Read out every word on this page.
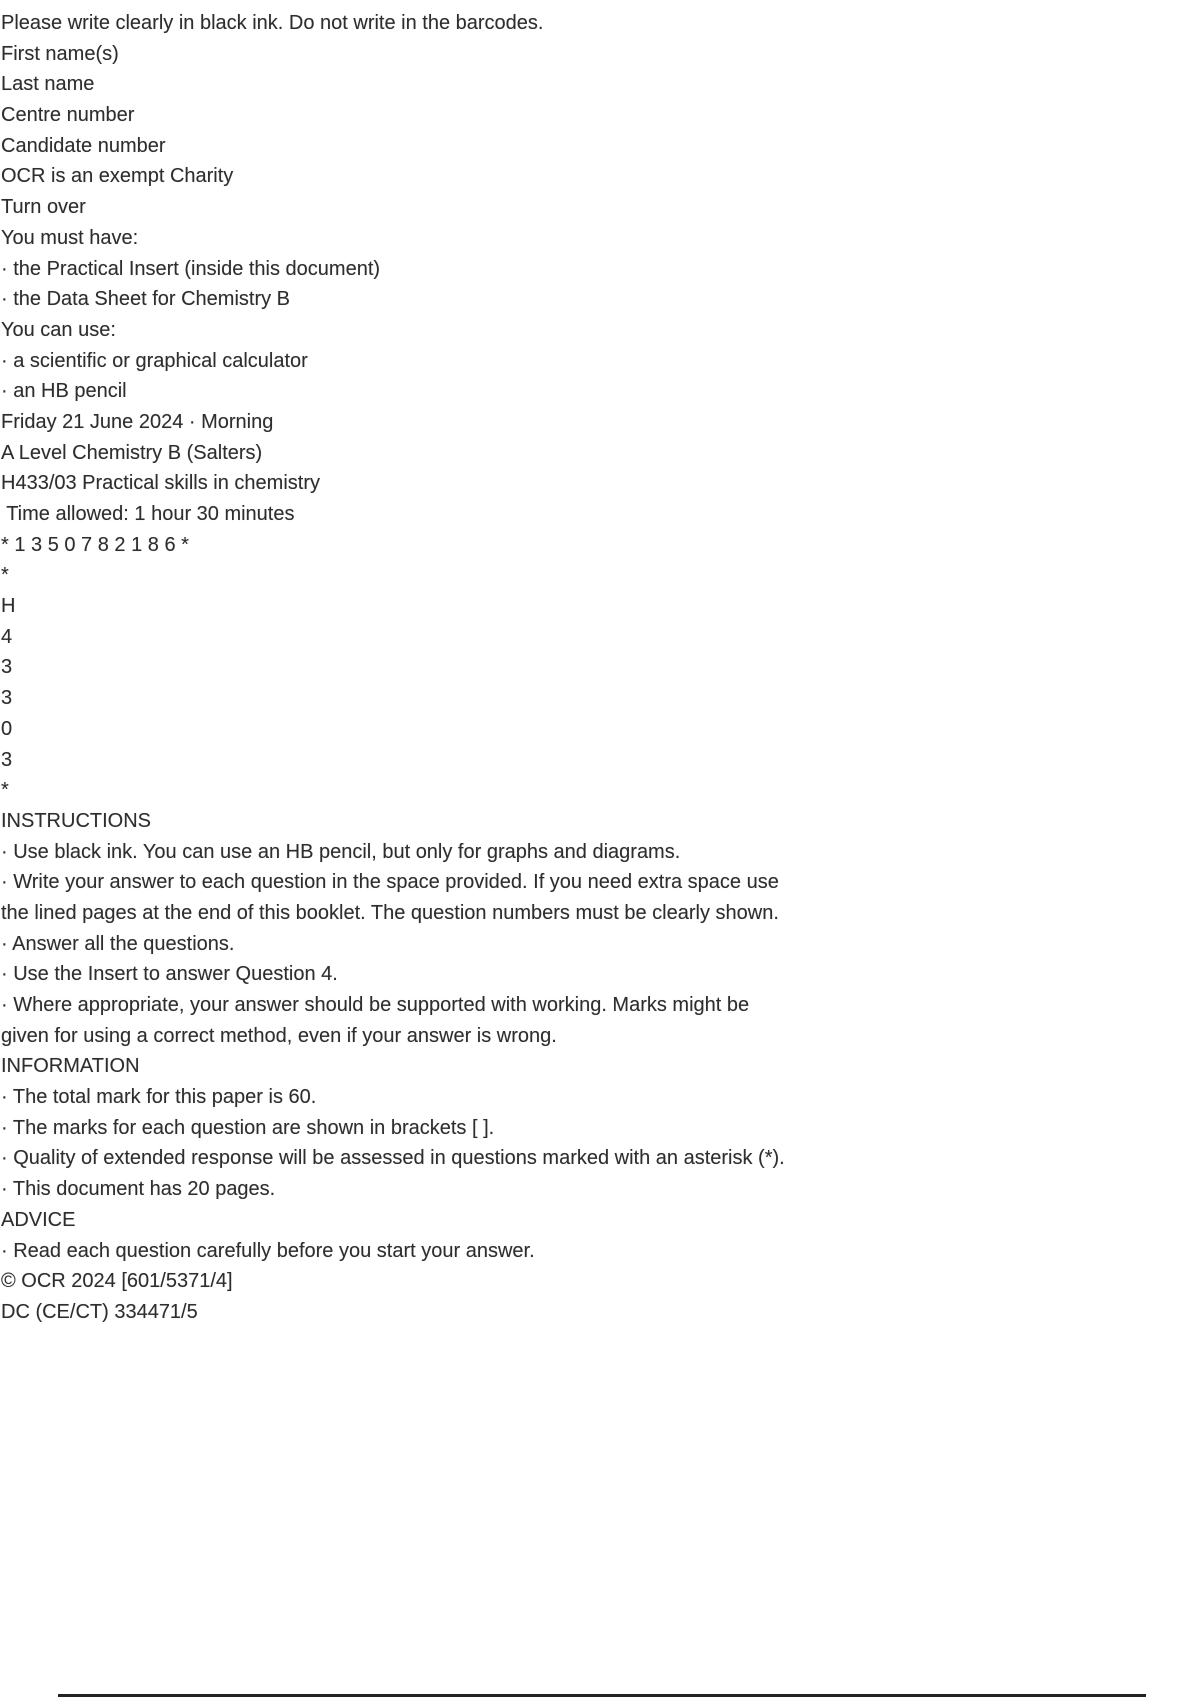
Please write clearly in black ink. Do not write in the barcodes.
First name(s)
Last name
Centre number
Candidate number
OCR is an exempt Charity
Turn over
You must have:
· the Practical Insert (inside this document)
· the Data Sheet for Chemistry B
You can use:
· a scientific or graphical calculator
· an HB pencil
Friday 21 June 2024 · Morning
A Level Chemistry B (Salters)
H433/03 Practical skills in chemistry
Time allowed: 1 hour 30 minutes
* 1 3 5 0 7 8 2 1 8 6 *
*
H
4
3
3
0
3
*
INSTRUCTIONS
· Use black ink. You can use an HB pencil, but only for graphs and diagrams.
· Write your answer to each question in the space provided. If you need extra space use
the lined pages at the end of this booklet. The question numbers must be clearly shown.
· Answer all the questions.
· Use the Insert to answer Question 4.
· Where appropriate, your answer should be supported with working. Marks might be
given for using a correct method, even if your answer is wrong.
INFORMATION
· The total mark for this paper is 60.
· The marks for each question are shown in brackets [ ].
· Quality of extended response will be assessed in questions marked with an asterisk (*).
· This document has 20 pages.
ADVICE
· Read each question carefully before you start your answer.
© OCR 2024 [601/5371/4]
DC (CE/CT) 334471/5
